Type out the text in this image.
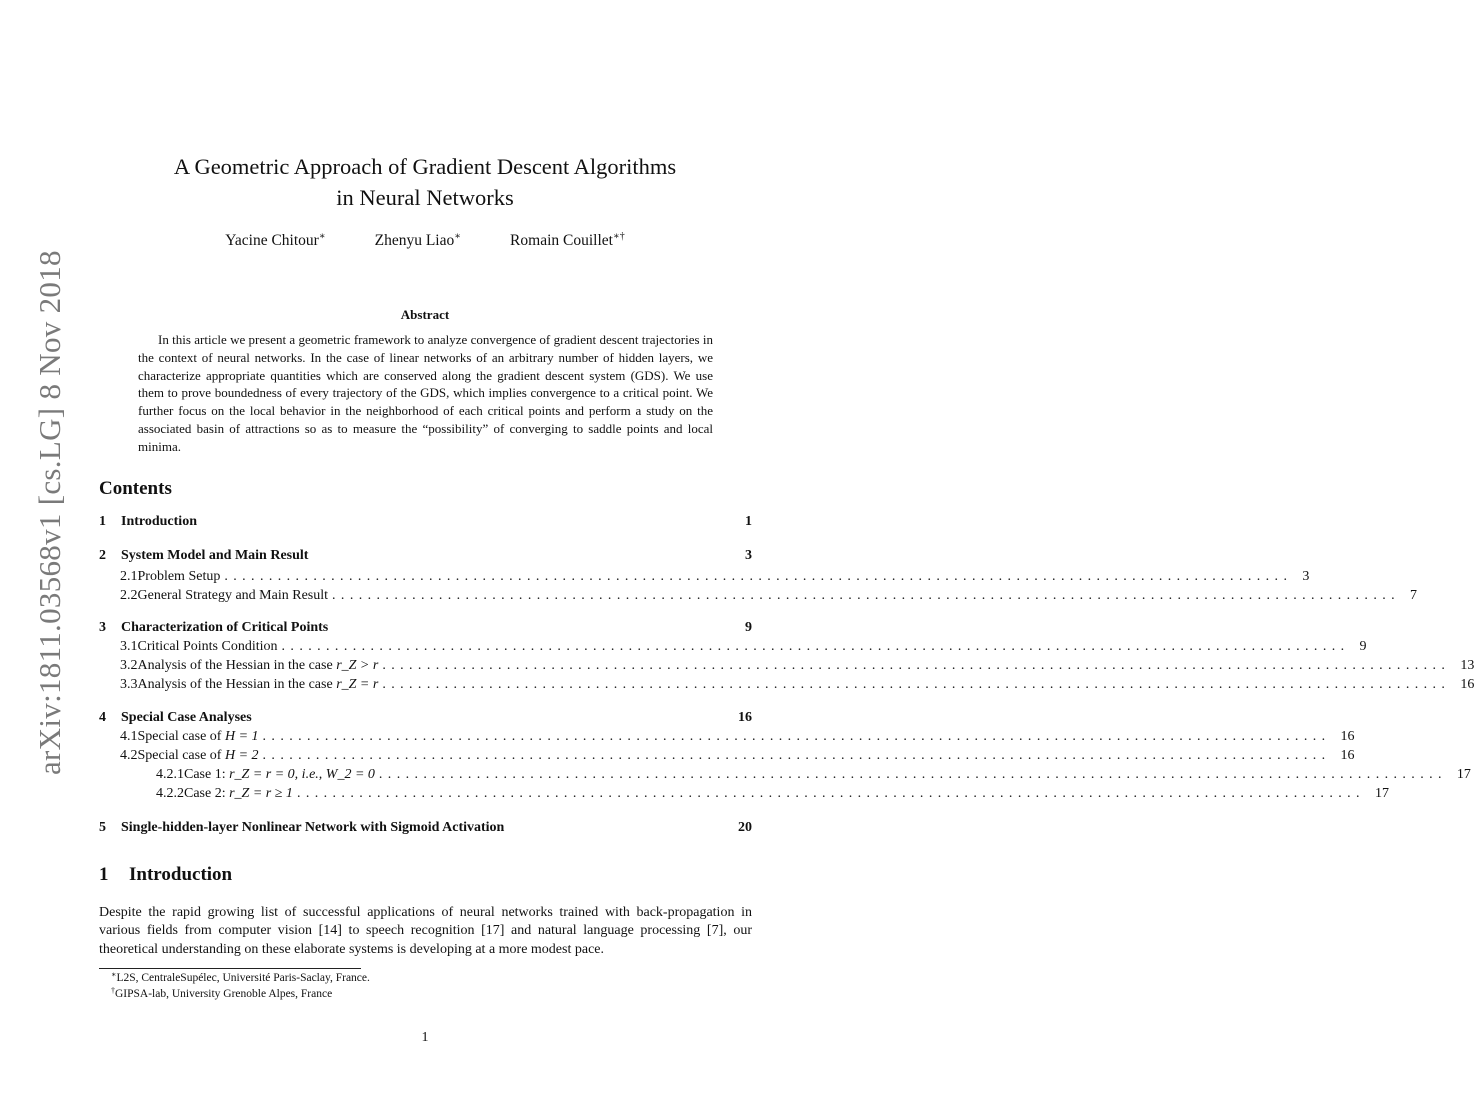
arXiv:1811.03568v1 [cs.LG] 8 Nov 2018
A Geometric Approach of Gradient Descent Algorithms
in Neural Networks
Yacine Chitour∗	Zhenyu Liao∗	Romain Couillet∗†
Abstract
In this article we present a geometric framework to analyze convergence of gradient descent trajectories in the context of neural networks. In the case of linear networks of an arbitrary number of hidden layers, we characterize appropriate quantities which are conserved along the gradient descent system (GDS). We use them to prove boundedness of every trajectory of the GDS, which implies convergence to a critical point. We further focus on the local behavior in the neighborhood of each critical points and perform a study on the associated basin of attractions so as to measure the “possibility” of converging to saddle points and local minima.
Contents
1	Introduction	1
2	System Model and Main Result	3
2.1 Problem Setup ........................................................................................................................ 3
2.2 General Strategy and Main Result ........................................................................................................................ 7
3	Characterization of Critical Points	9
3.1 Critical Points Condition ........................................................................................................................ 9
3.2 Analysis of the Hessian in the case r_Z > r ........................................................................................................................ 13
3.3 Analysis of the Hessian in the case r_Z = r ........................................................................................................................ 16
4	Special Case Analyses	16
4.1 Special case of H = 1 ........................................................................................................................ 16
4.2 Special case of H = 2 ........................................................................................................................ 16
4.2.1 Case 1: r_Z = r = 0, i.e., W_2 = 0 ........................................................................................................................ 17
4.2.2 Case 2: r_Z = r ≥ 1 ........................................................................................................................ 17
5	Single-hidden-layer Nonlinear Network with Sigmoid Activation	20
1 Introduction
Despite the rapid growing list of successful applications of neural networks trained with back-propagation in various fields from computer vision [14] to speech recognition [17] and natural language processing [7], our theoretical understanding on these elaborate systems is developing at a more modest pace.
∗L2S, CentraleSupélec, Université Paris-Saclay, France.
†GIPSA-lab, University Grenoble Alpes, France
1
